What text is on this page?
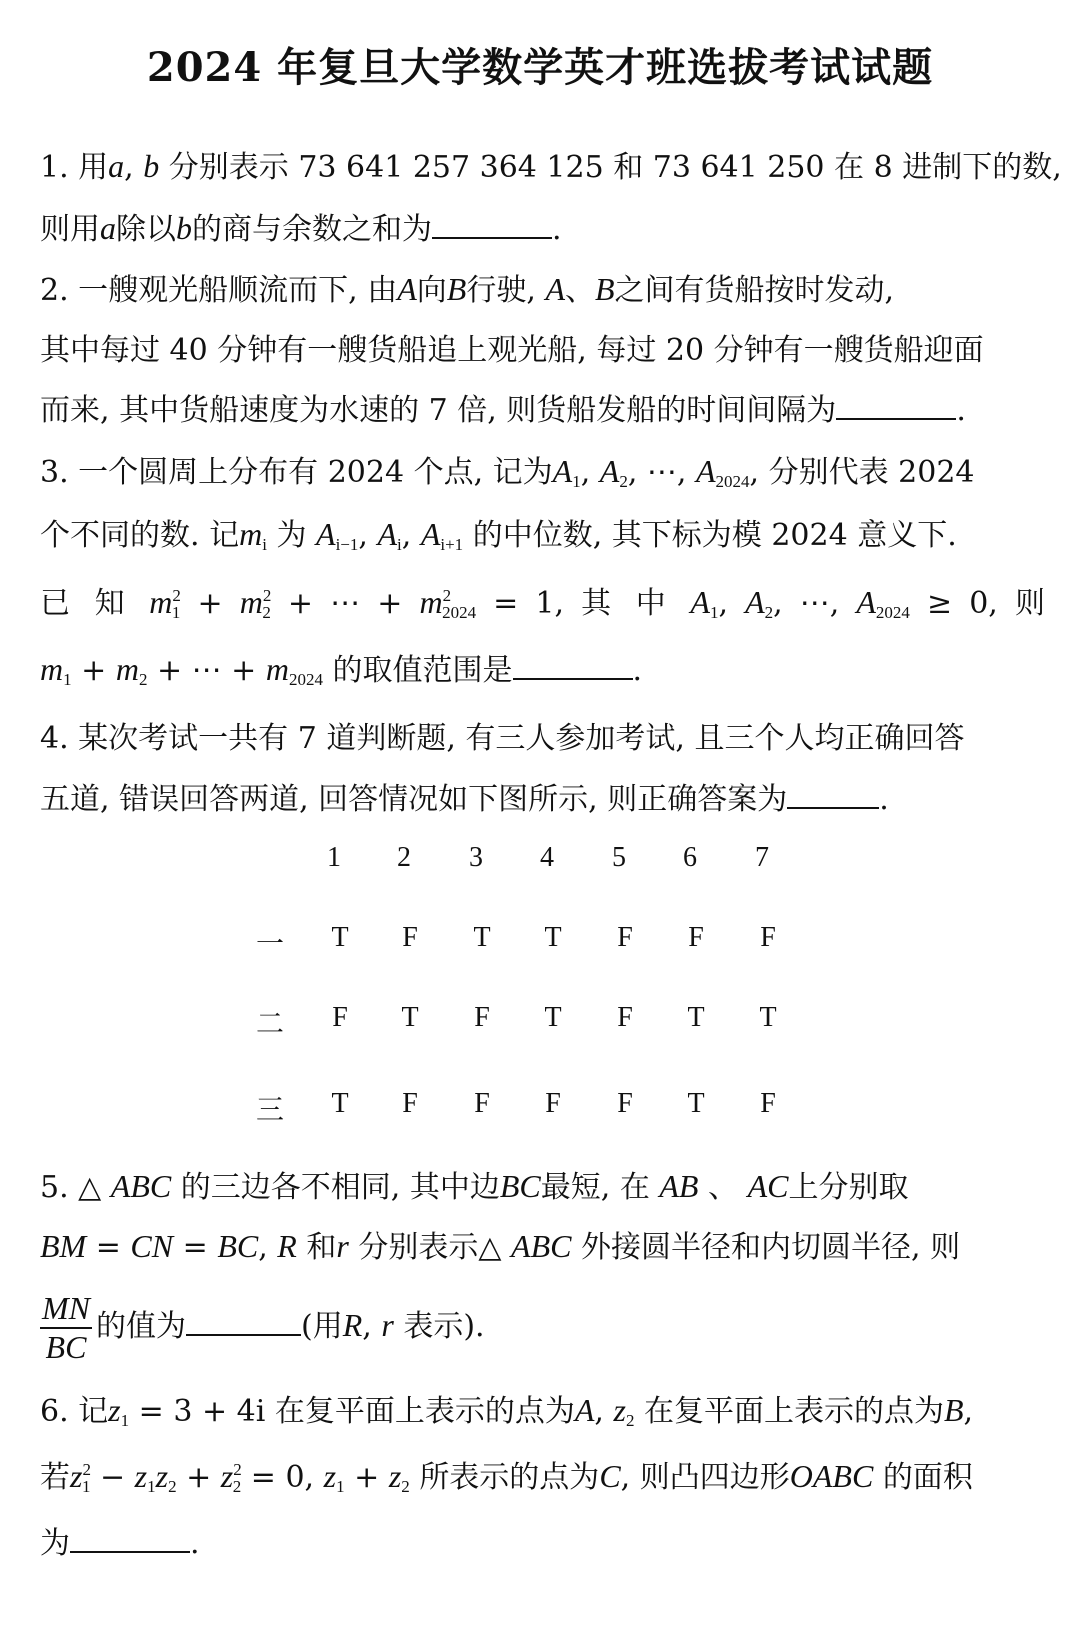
2024 年复旦大学数学英才班选拔考试试题
1. 用a, b 分别表示 73 641 257 364 125 和 73 641 250 在 8 进制下的数,
则用a除以b的商与余数之和为	.
2. 一艘观光船顺流而下, 由A向B行驶, A、B之间有货船按时发动,
其中每过 40 分钟有一艘货船追上观光船, 每过 20 分钟有一艘货船迎面
而来, 其中货船速度为水速的 7 倍, 则货船发船的时间间隔为	.
3. 一个圆周上分布有 2024 个点, 记为$A_1$, $A_2$, ⋯, $A_{2024}$, 分别代表 2024
个不同的数. 记$m_i$ 为 $A_{i-1}$, $A_i$, $A_{i+1}$ 的中位数, 其下标为模 2024 意义下.
已 知 $m^2_1 + m^2_2$ + ⋯ + $m^2_{2024} = 1$, 其 中 $A_1$, $A_2$, ⋯, $A_{2024} \ge 0$, 则
$m_1 + m_2$ + ⋯ + $m_{2024}$ 的取值范围是	.
4. 某次考试一共有 7 道判断题, 有三人参加考试, 且三个人均正确回答
五道, 错误回答两道, 回答情况如下图所示, 则正确答案为	.
1	2	3	4	5	6	7
一	T	F	T	T	F	F	F
二	F	T	F	T	F	T	T
三	T	F	F	F	F	T	F
5. △ ABC 的三边各不相同, 其中边BC最短, 在 AB 、 AC上分别取
BM = CN = BC, R 和r 分别表示△ ABC 外接圆半径和内切圆半径, 则
$\frac{MN}{BC}$ 的值为	(用R, r 表示).
6. 记$z_1 = 3 + 4i$ 在复平面上表示的点为A, $z_2$ 在复平面上表示的点为B,
若$z^2_1 - z_1z_2 + z^2_2 = 0$, $z_1 + z_2$ 所表示的点为C, 则凸四边形OABC 的面积
为	.
